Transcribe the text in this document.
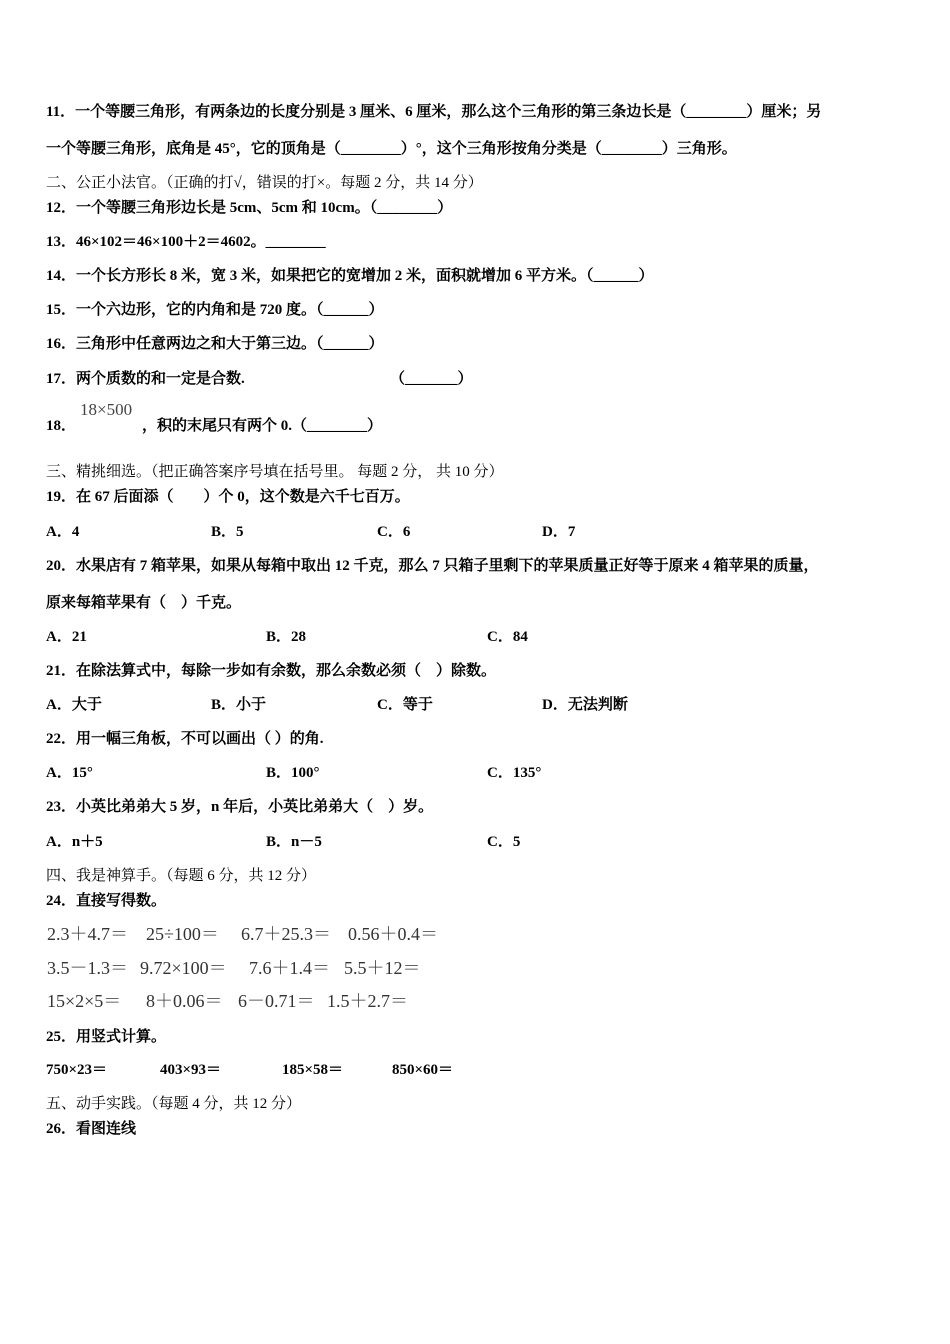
11．一个等腰三角形，有两条边的长度分别是 3 厘米、6 厘米，那么这个三角形的第三条边长是（________）厘米；另
一个等腰三角形，底角是 45°，它的顶角是（________）°，这个三角形按角分类是（________）三角形。
二、公正小法官。（正确的打√，错误的打×。每题 2 分，共 14 分）
12．一个等腰三角形边长是 5cm、5cm 和 10cm。（________）
13．46×102＝46×100＋2＝4602。________
14．一个长方形长 8 米，宽 3 米，如果把它的宽增加 2 米，面积就增加 6 平方米。（______）
15．一个六边形，它的内角和是 720 度。（______）
16．三角形中任意两边之和大于第三边。（______）
17．两个质数的和一定是合数.	（_______）
18．
18×500
，积的末尾只有两个 0.（________）
三、精挑细选。（把正确答案序号填在括号里。 每题 2 分， 共 10 分）
19．在 67 后面添（　　）个 0，这个数是六千七百万。
A．4	B．5	C．6	D．7
20．水果店有 7 箱苹果，如果从每箱中取出 12 千克，那么 7 只箱子里剩下的苹果质量正好等于原来 4 箱苹果的质量，
原来每箱苹果有（　）千克。
A．21	B．28	C．84
21．在除法算式中，每除一步如有余数，那么余数必须（　）除数。
A．大于	B．小于	C．等于	D．无法判断
22．用一幅三角板，不可以画出（ ）的角.
A．15°	B．100°	C．135°
23．小英比弟弟大 5 岁，n 年后，小英比弟弟大（　）岁。
A．n＋5	B．n－5	C．5
四、我是神算手。（每题 6 分，共 12 分）
24．直接写得数。
2.3＋4.7＝ 25÷100＝ 6.7＋25.3＝ 0.56＋0.4＝
3.5－1.3＝ 9.72×100＝ 7.6＋1.4＝ 5.5＋12＝
15×2×5＝ 8＋0.06＝ 6－0.71＝ 1.5＋2.7＝
25．用竖式计算。
750×23＝	403×93＝	185×58＝	850×60＝
五、动手实践。（每题 4 分，共 12 分）
26．看图连线
